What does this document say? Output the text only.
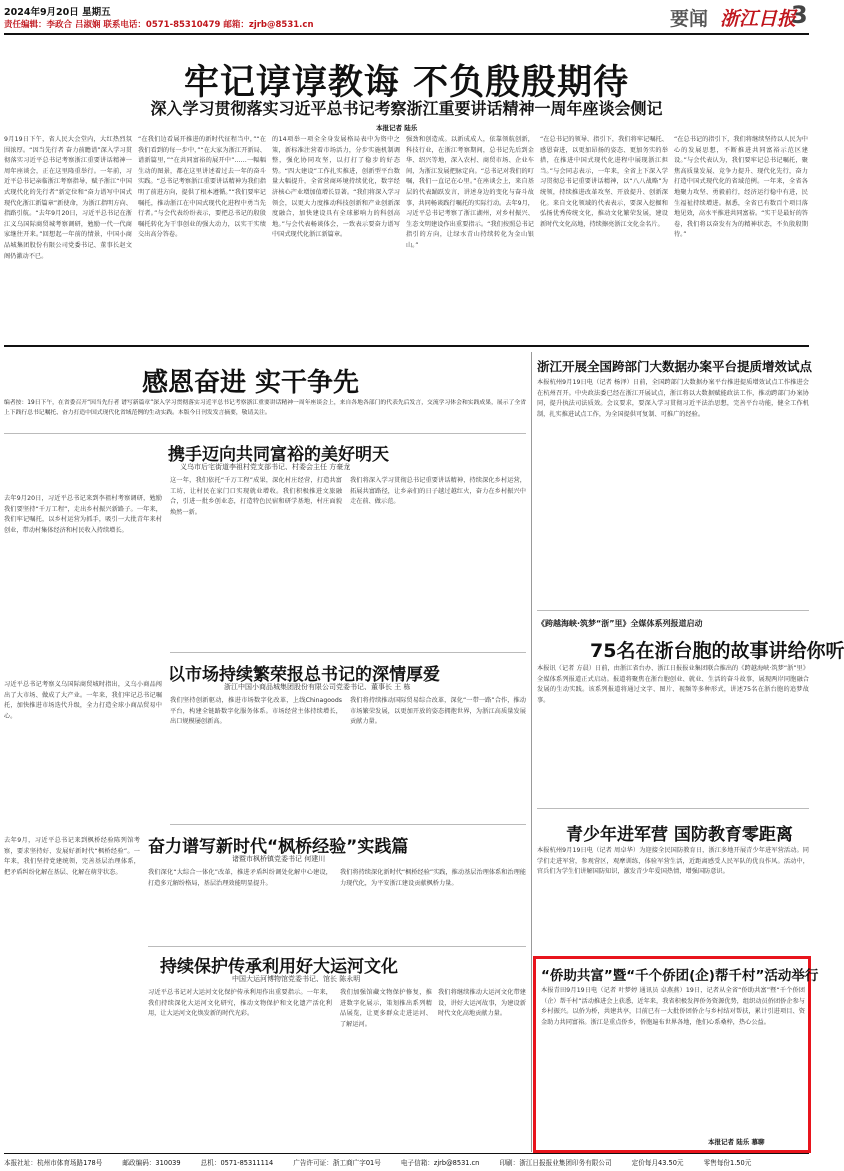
2024年9月20日 星期五
责任编辑：李政合 吕淑娴 联系电话：0571-85310479 邮箱：zjrb@8531.cn	要闻 浙江日报
3
牢记谆谆教诲 不负殷殷期待
深入学习贯彻落实习近平总书记考察浙江重要讲话精神一周年座谈会侧记
本报记者 陆乐
9月19日下午，省人民大会堂内，大红热烈氛围浓厚。“因当先行者 奋力前瞻谱”深入学习贯彻落实习近平总书记考察浙江重要讲话精神一周年座谈会，正在这里隆重举行。一年前，习近平总书记亲临浙江考察指导，赋予浙江“中国式现代化的先行者”新定位和“奋力谱写中国式现代化浙江新篇章”新使命，为浙江指明方向、指路引航。“去年9月20日，习近平总书记在浙江义乌国际商贸城考察调研，勉励一代一代商家继往开来。”回想起一年前的情景，中国小商品城集团股份有限公司党委书记、董事长赵文阁仍激动不已。
“在我们边看展开推进的新时代征程当中，”“在我们看到的每一步中，”“在大家为浙江开新局、谱新篇里，”“在共同富裕的展开中”……一幅幅生动的图景，都在这里讲述着过去一年的奋斗实践。“总书记考察浙江重要讲话精神为我们指明了前进方向，提供了根本遵循。”“我们要牢记嘱托，推动浙江在中国式现代化进程中勇当先行者。”与会代表纷纷表示，要把总书记的殷殷嘱托转化为干事创业的强大动力，以实干实绩交出高分答卷。
的14项举一项全全身发展格局表中为资中之策，新标准注营着市场活力，分步实施机制调整，强化协同攻坚，以打打了稳步的好态势。“四大建设”工作扎实推进，创新型平台数量大幅提升，全省营商环境持续优化，数字经济核心产业增加值增长显著。“我们将深入学习领会，以更大力度推动科技创新和产业创新深度融合，加快建设具有全球影响力的科创高地。”与会代表畅谈体会，一致表示要奋力谱写中国式现代化浙江新篇章。
强劲和创造成。以新成成人，依靠领航创新，科技行业，在浙江考察期间，总书记先后到金华、绍兴等地，深入农村、商贸市场、企业车间，为浙江发展把脉定向。“总书记对我们的叮嘱，我们一直记在心里。”在座谈会上，来自基层的代表踊跃发言，讲述身边的变化与奋斗故事，共同畅谈践行嘱托的实际行动。去年9月，习近平总书记考察了浙江湖州，对乡村振兴、生态文明建设作出重要指示。“我们按照总书记指引的方向，让绿水青山持续转化为金山银山。”
“在总书记的领导、指引下，我们将牢记嘱托、感恩奋进，以更加昂扬的姿态、更加务实的举措，在推进中国式现代化进程中展现浙江担当。”与会同志表示，一年来，全省上下深入学习贯彻总书记重要讲话精神，以“八八战略”为统领，持续推进改革攻坚、开放提升、创新深化。来自文化领域的代表表示，要深入挖掘和弘扬优秀传统文化，推动文化繁荣发展，建设新时代文化高地，持续擦亮浙江文化金名片。
“在总书记的指引下，我们将继续坚持以人民为中心的发展思想，不断推进共同富裕示范区建设。”与会代表认为，我们要牢记总书记嘱托，聚焦高质量发展、竞争力提升、现代化先行，奋力打造中国式现代化的省域范例。一年来，全省各地聚力攻坚、勇毅前行，经济运行稳中有进，民生福祉持续增进。据悉，全省已有数百个项目落地见效，高水平推进共同富裕。“实干是最好的答卷，我们将以奋发有为的精神状态，不负殷殷期待。”
感恩奋进 实干争先
编者按：19日下午，在省委召开“因当先行者 谱写新篇章”深入学习贯彻落实习近平总书记考察浙江重要讲话精神一周年座谈会上，来自各地各部门的代表先后发言，交流学习体会和实践成果，展示了全省上下践行总书记嘱托、奋力打造中国式现代化省域范例的生动实践。本版今日刊发发言摘要，敬请关注。
携手迈向共同富裕的美好明天
义乌市后宅街道李祖村党支部书记、村委会主任 方豪龙
去年9月20日，习近平总书记来到李祖村考察调研，勉励我们要坚持“千万工程”，走出乡村振兴新路子。一年来，我们牢记嘱托，以乡村运营为抓手，吸引一大批青年来村创业，带动村集体经济和村民收入持续增长。
这一年，我们依托“千万工程”成果，深化村庄经营，打造共富工坊，让村民在家门口实现就业增收。我们积极推进文旅融合，引进一批乡创业态，打造特色民宿和研学基地，村庄面貌焕然一新。
我们将深入学习贯彻总书记重要讲话精神，持续深化乡村运营，拓展共富路径，让乡亲们的日子越过越红火，奋力在乡村振兴中走在前、做示范。
以市场持续繁荣报总书记的深情厚爱
浙江中国小商品城集团股份有限公司党委书记、董事长 王 栋
习近平总书记考察义乌国际商贸城时指出，义乌小商品闯出了大市场、做成了大产业。一年来，我们牢记总书记嘱托，加快推进市场迭代升级，全力打造全球小商品贸易中心。
我们坚持创新驱动，推进市场数字化改革，上线Chinagoods平台，构建全链路数字化服务体系。市场经营主体持续增长，出口规模屡创新高。
我们将持续推动国际贸易综合改革，深化“一带一路”合作，推动市场繁荣发展，以更加开放的姿态拥抱世界，为浙江高质量发展贡献力量。
奋力谱写新时代“枫桥经验”实践篇
诸暨市枫桥镇党委书记 何建川
去年9月，习近平总书记来到枫桥经验陈列馆考察，要求坚持好、发展好新时代“枫桥经验”。一年来，我们坚持党建统领，完善基层治理体系，把矛盾纠纷化解在基层、化解在萌芽状态。	我们深化“大综合一体化”改革，推进矛盾纠纷调处化解中心建设，打造多元解纷格局，基层治理效能明显提升。
我们将持续深化新时代“枫桥经验”实践，推动基层治理体系和治理能力现代化，为平安浙江建设贡献枫桥力量。
持续保护传承利用好大运河文化
中国大运河博物馆党委书记、馆长 陈永明
习近平总书记对大运河文化保护传承利用作出重要指示。一年来，我们持续深化大运河文化研究，推动文物保护和文化遗产活化利用，让大运河文化焕发新的时代光彩。
我们加强馆藏文物保护修复，推进数字化展示，策划推出系列精品展览，让更多群众走进运河、了解运河。
我们将继续推动大运河文化带建设，讲好大运河故事，为建设新时代文化高地贡献力量。
浙江开展全国跨部门大数据办案平台提质增效试点
本报杭州9月19日电（记者 杨泽）日前，全国跨部门大数据办案平台推进提质增效试点工作推进会在杭州召开。中央政法委已经在浙江开展试点，浙江将以大数据赋能政法工作，推动跨部门办案协同，提升执法司法质效。会议要求，要深入学习贯彻习近平法治思想，完善平台功能，健全工作机制，扎实推进试点工作，为全国提供可复制、可推广的经验。
《跨越海峡·筑梦“浙”里》全媒体系列报道启动
75名在浙台胞的故事讲给你听
本报讯（记者 方晨）日前，由浙江省台办、浙江日报报业集团联合推出的《跨越海峡·筑梦“浙”里》全媒体系列报道正式启动。报道将聚焦在浙台胞创业、就业、生活的奋斗故事，展现两岸同胞融合发展的生动实践。该系列报道将通过文字、图片、视频等多种形式，讲述75名在浙台胞的追梦故事。
青少年进军营 国防教育零距离
本报杭州9月19日电（记者 周卓华）为迎接全民国防教育日，浙江多地开展青少年进军营活动。同学们走进军营，参观营区，观摩训练，体验军营生活，近距离感受人民军队的优良作风。活动中，官兵们为学生们讲解国防知识，激发青少年爱国热情，增强国防意识。
“侨助共富”暨“千个侨团(企)帮千村”活动举行
本报青田9月19日电（记者 叶梦婷 通讯员 卓燕燕）19日，记者从全省“侨助共富”暨“千个侨团（企）帮千村”活动推进会上获悉，近年来，我省积极发挥侨务资源优势，组织动员侨团侨企参与乡村振兴。以侨为桥，共建共享，目前已有一大批侨团侨企与乡村结对帮扶，累计引进项目、资金助力共同富裕。浙江是重点侨乡，侨胞遍布世界各地，他们心系桑梓，热心公益。
本报记者 陆乐 慕聊
本报社址：杭州市体育场路178号	邮政编码：310039	总机：0571-85311114	广告许可证：浙工商广字01号	电子信箱：zjrb@8531.cn	印刷：浙江日报报业集团印务有限公司	定价每月43.50元	零售每份1.50元
